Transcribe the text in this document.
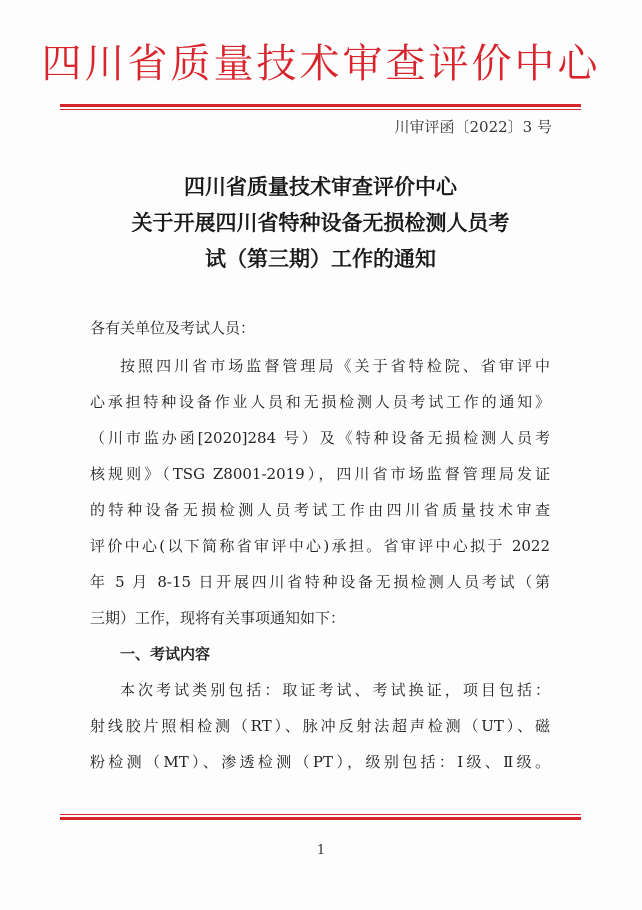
四川省质量技术审查评价中心
川审评函〔2022〕3 号
四川省质量技术审查评价中心
关于开展四川省特种设备无损检测人员考
试（第三期）工作的通知
各有关单位及考试人员：
按照四川省市场监督管理局《关于省特检院、省审评中
心承担特种设备作业人员和无损检测人员考试工作的通知》
（川市监办函[2020]284 号）及《特种设备无损检测人员考
核规则》（TSG Z8001-2019），四川省市场监督管理局发证
的特种设备无损检测人员考试工作由四川省质量技术审查
评价中心(以下简称省审评中心)承担。省审评中心拟于 2022
年 5 月 8-15 日开展四川省特种设备无损检测人员考试（第
三期）工作，现将有关事项通知如下：
一、考试内容
本次考试类别包括：取证考试、考试换证，项目包括：
射线胶片照相检测（RT）、脉冲反射法超声检测（UT）、磁
粉检测（MT）、渗透检测（PT），级别包括：Ⅰ级、Ⅱ级。
1
